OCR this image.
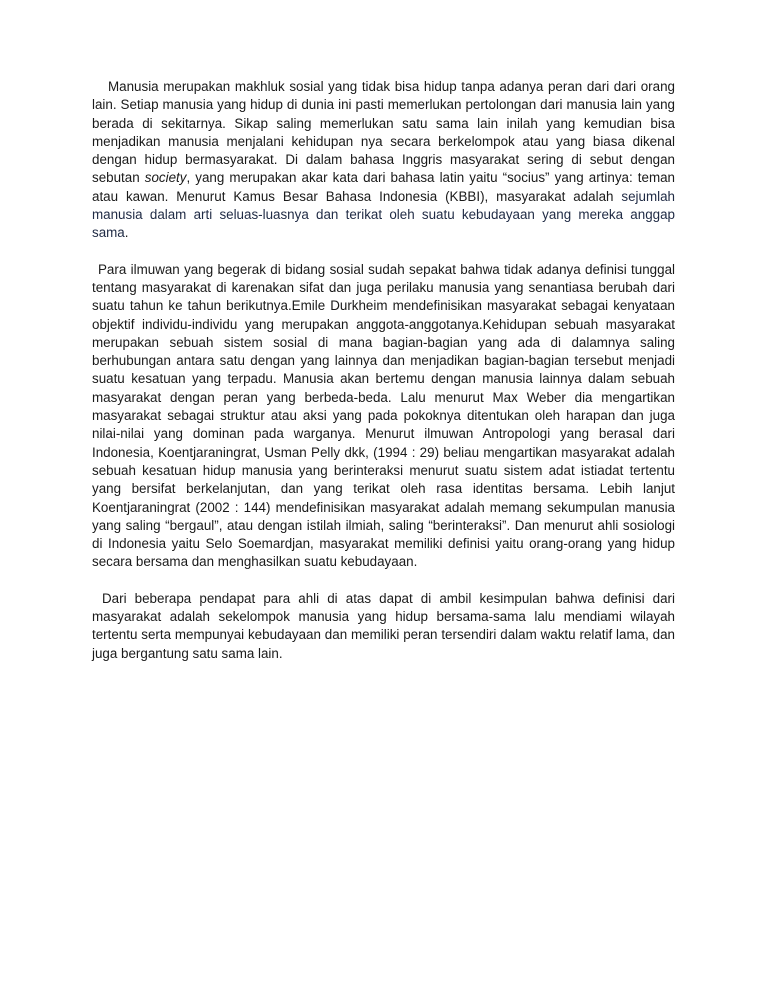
Manusia merupakan makhluk sosial yang tidak bisa hidup tanpa adanya peran dari dari orang lain. Setiap manusia yang hidup di dunia ini pasti memerlukan pertolongan dari manusia lain yang berada di sekitarnya. Sikap saling memerlukan satu sama lain inilah yang kemudian bisa menjadikan manusia menjalani kehidupan nya secara berkelompok atau yang biasa dikenal dengan hidup bermasyarakat. Di dalam bahasa Inggris masyarakat sering di sebut dengan sebutan society, yang merupakan akar kata dari bahasa latin yaitu “socius” yang artinya: teman atau kawan. Menurut Kamus Besar Bahasa Indonesia (KBBI), masyarakat adalah sejumlah manusia dalam arti seluas-luasnya dan terikat oleh suatu kebudayaan yang mereka anggap sama.

Para ilmuwan yang begerak di bidang sosial sudah sepakat bahwa tidak adanya definisi tunggal tentang masyarakat di karenakan sifat dan juga perilaku manusia yang senantiasa berubah dari suatu tahun ke tahun berikutnya.Emile Durkheim mendefinisikan masyarakat sebagai kenyataan objektif individu-individu yang merupakan anggota-anggotanya.Kehidupan sebuah masyarakat merupakan sebuah sistem sosial di mana bagian-bagian yang ada di dalamnya saling berhubungan antara satu dengan yang lainnya dan menjadikan bagian-bagian tersebut menjadi suatu kesatuan yang terpadu. Manusia akan bertemu dengan manusia lainnya dalam sebuah masyarakat dengan peran yang berbeda-beda. Lalu menurut Max Weber dia mengartikan masyarakat sebagai struktur atau aksi yang pada pokoknya ditentukan oleh harapan dan juga nilai-nilai yang dominan pada warganya. Menurut ilmuwan Antropologi yang berasal dari Indonesia, Koentjaraningrat, Usman Pelly dkk, (1994 : 29) beliau mengartikan masyarakat adalah sebuah kesatuan hidup manusia yang berinteraksi menurut suatu sistem adat istiadat tertentu yang bersifat berkelanjutan, dan yang terikat oleh rasa identitas bersama. Lebih lanjut Koentjaraningrat (2002 : 144) mendefinisikan masyarakat adalah memang sekumpulan manusia yang saling “bergaul”, atau dengan istilah ilmiah, saling “berinteraksi”. Dan menurut ahli sosiologi di Indonesia yaitu Selo Soemardjan, masyarakat memiliki definisi yaitu orang-orang yang hidup secara bersama dan menghasilkan suatu kebudayaan.

Dari beberapa pendapat para ahli di atas dapat di ambil kesimpulan bahwa definisi dari masyarakat adalah sekelompok manusia yang hidup bersama-sama lalu mendiami wilayah tertentu serta mempunyai kebudayaan dan memiliki peran tersendiri dalam waktu relatif lama, dan juga bergantung satu sama lain.
